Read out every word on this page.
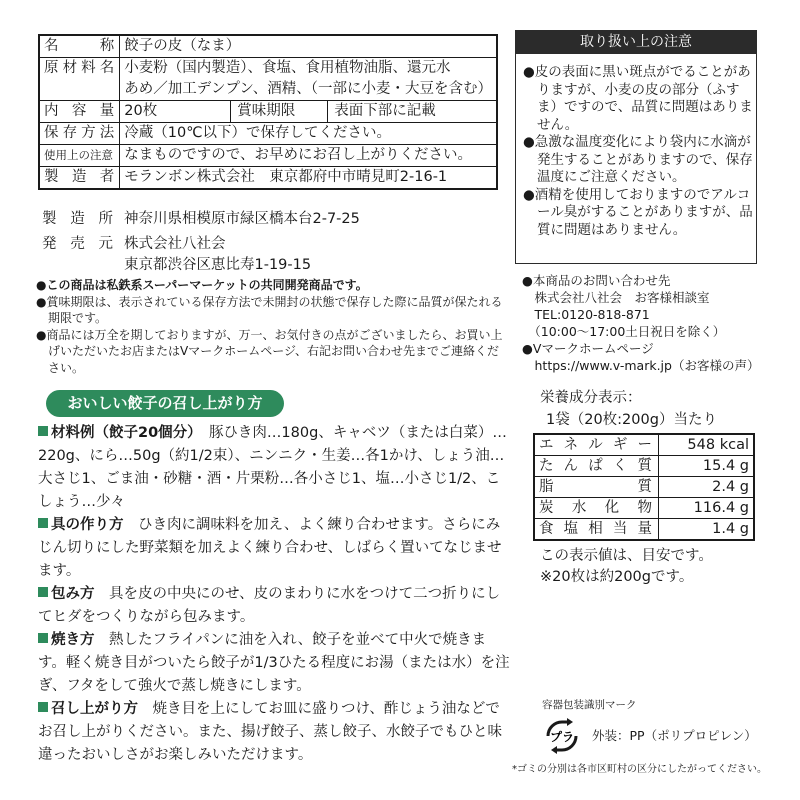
名　称	餃子の皮（なま）
原材料名	小麦粉（国内製造）、食塩、食用植物油脂、還元水
あめ／加工デンプン、酒精、（一部に小麦・大豆を含む）

内容量	20枚 賞味期限 表面下部に記載

保存方法	冷蔵（10℃以下）で保存してください。
使用上の注意	なまものですので、お早めにお召し上がりください。
製造者	モランボン株式会社　東京都府中市晴見町2-16-1
製造所 神奈川県相模原市緑区橋本台2-7-25
発売元 株式会社八社会
東京都渋谷区恵比寿1-19-15
●この商品は私鉄系スーパーマーケットの共同開発商品です。
●賞味期限は、表示されている保存方法で未開封の状態で保存した際に品質が保たれる期限です。
●商品には万全を期しておりますが、万一、お気付きの点がございましたら、お買い上げいただいたお店またはVマークホームページ、右記お問い合わせ先までご連絡ください。
おいしい餃子の召し上がり方

材料例（餃子20個分）　 豚ひき肉…180g、キャベツ（または白菜）…220g、にら…50g（約1/2束）、ニンニク・生姜…各1かけ、しょう油…大さじ1、ごま油・砂糖・酒・片栗粉…各小さじ1、塩…小さじ1/2、こしょう…少々

具の作り方　 ひき肉に調味料を加え、よく練り合わせます。さらにみじん切りにした野菜類を加えよく練り合わせ、しばらく置いてなじませます。

包み方　 具を皮の中央にのせ、皮のまわりに水をつけて二つ折りにしてヒダをつくりながら包みます。

焼き方　 熱したフライパンに油を入れ、餃子を並べて中火で焼きます。軽く焼き目がついたら餃子が1/3ひたる程度にお湯（または水）を注ぎ、フタをして強火で蒸し焼きにします。

召し上がり方　 焼き目を上にしてお皿に盛りつけ、酢じょう油などでお召し上がりください。また、揚げ餃子、蒸し餃子、水餃子でもひと味違ったおいしさがお楽しみいただけます。

取り扱い上の注意
●皮の表面に黒い斑点がでることがありますが、小麦の皮の部分（ふすま）ですので、品質に問題はありません。
●急激な温度変化により袋内に水滴が発生することがありますので、保存温度にご注意ください。
●酒精を使用しておりますのでアルコール臭がすることがありますが、品質に問題はありません。
●本商品のお問い合わせ先
　株式会社八社会　お客様相談室
　TEL:0120-818-871
　（10:00～17:00土日祝日を除く）
●Vマークホームページ
　https://www.v-mark.jp（お客様の声）
栄養成分表示：
1袋（20枚:200g）当たり
エネルギー	548 kcal
たんぱく質	15.4 g
脂質	2.4 g
炭水化物	116.4 g
食塩相当量	1.4 g
この表示値は、目安です。
※20枚は約200gです。
容器包装識別マーク
プラ 外装：PP（ポリプロピレン）
*ゴミの分別は各市区町村の区分にしたがってください。
